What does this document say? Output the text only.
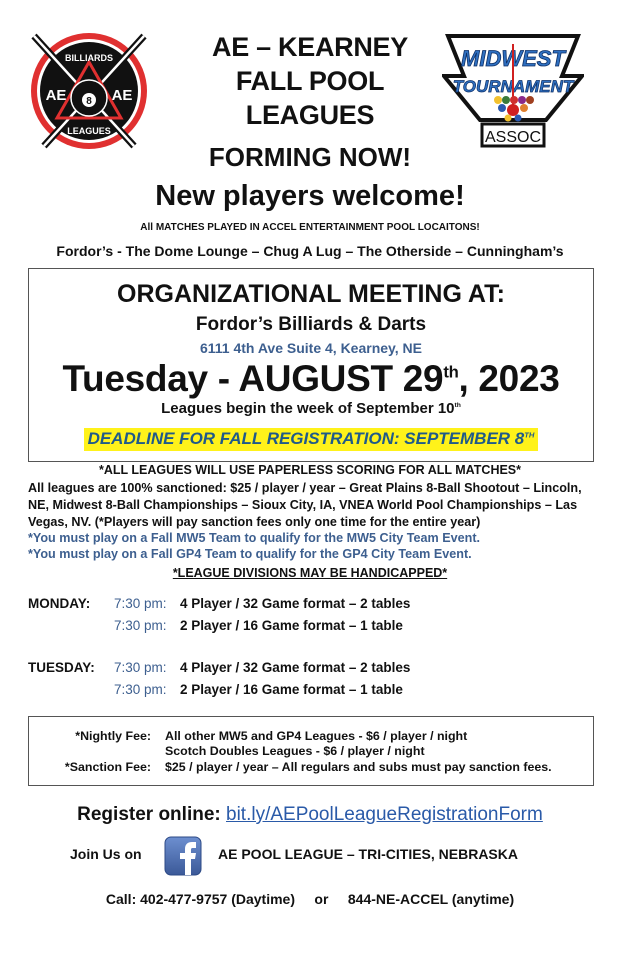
8
BILLIARDS
AE	AE
LEAGUES
AE – KEARNEY
FALL POOL
LEAGUES
MIDWEST
TOURNAMENT
ASSOC
FORMING NOW!
New players welcome!
All MATCHES PLAYED IN ACCEL ENTERTAINMENT POOL LOCAITONS!
Fordor’s - The Dome Lounge – Chug A Lug – The Otherside – Cunningham’s
ORGANIZATIONAL MEETING AT:
Fordor’s Billiards & Darts
6111 4th Ave Suite 4, Kearney, NE
Tuesday - AUGUST 29th, 2023
Leagues begin the week of September 10th
DEADLINE FOR FALL REGISTRATION: SEPTEMBER 8TH
*ALL LEAGUES WILL USE PAPERLESS SCORING FOR ALL MATCHES*
All leagues are 100% sanctioned: $25 / player / year – Great Plains 8-Ball Shootout – Lincoln, NE, Midwest 8-Ball Championships – Sioux City, IA, VNEA World Pool Championships – Las Vegas, NV. (*Players will pay sanction fees only one time for the entire year)
*You must play on a Fall MW5 Team to qualify for the MW5 City Team Event.
*You must play on a Fall GP4 Team to qualify for the GP4 City Team Event.
*LEAGUE DIVISIONS MAY BE HANDICAPPED*
MONDAY:	7:30 pm: 4 Player / 32 Game format – 2 tables
7:30 pm: 2 Player / 16 Game format – 1 table
TUESDAY:	7:30 pm: 4 Player / 32 Game format – 2 tables
7:30 pm: 2 Player / 16 Game format – 1 table
*Nightly Fee: All other MW5 and GP4 Leagues - $6 / player / night
Scotch Doubles Leagues - $6 / player / night
*Sanction Fee: $25 / player / year – All regulars and subs must pay sanction fees.
Register online: bit.ly/AEPoolLeagueRegistrationForm
Join Us on	AE POOL LEAGUE – TRI-CITIES, NEBRASKA
Call: 402-477-9757 (Daytime)     or     844-NE-ACCEL (anytime)
